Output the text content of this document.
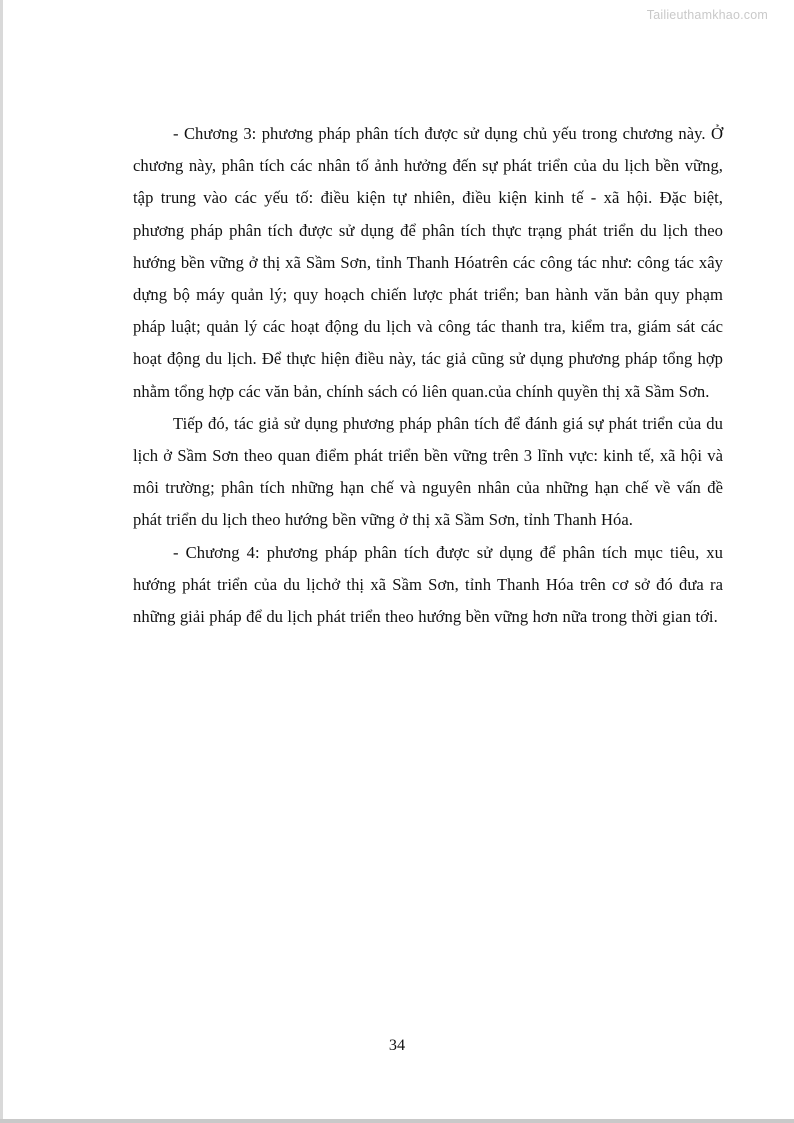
Tailieuthamkhao.com

- Chương 3: phương pháp phân tích được sử dụng chủ yếu trong chương này. Ở chương này, phân tích các nhân tố ảnh hưởng đến sự phát triển của du lịch bền vững, tập trung vào các yếu tố: điều kiện tự nhiên, điều kiện kinh tế - xã hội. Đặc biệt, phương pháp phân tích được sử dụng để phân tích thực trạng phát triển du lịch theo hướng bền vững ở thị xã Sầm Sơn, tỉnh Thanh Hóatrên các công tác như: công tác xây dựng bộ máy quản lý; quy hoạch chiến lược phát triển; ban hành văn bản quy phạm pháp luật; quản lý các hoạt động du lịch và công tác thanh tra, kiểm tra, giám sát các hoạt động du lịch. Để thực hiện điều này, tác giả cũng sử dụng phương pháp tổng hợp nhằm tổng hợp các văn bản, chính sách có liên quan.của chính quyền thị xã Sầm Sơn.

Tiếp đó, tác giả sử dụng phương pháp phân tích để đánh giá sự phát triển của du lịch ở Sầm Sơn theo quan điểm phát triển bền vững trên 3 lĩnh vực: kinh tế, xã hội và môi trường; phân tích những hạn chế và nguyên nhân của những hạn chế về vấn đề phát triển du lịch theo hướng bền vững ở thị xã Sầm Sơn, tỉnh Thanh Hóa.

- Chương 4: phương pháp phân tích được sử dụng để phân tích mục tiêu, xu hướng phát triển của du lịchở thị xã Sầm Sơn, tỉnh Thanh Hóa trên cơ sở đó đưa ra những giải pháp để du lịch phát triển theo hướng bền vững hơn nữa trong thời gian tới.

34
